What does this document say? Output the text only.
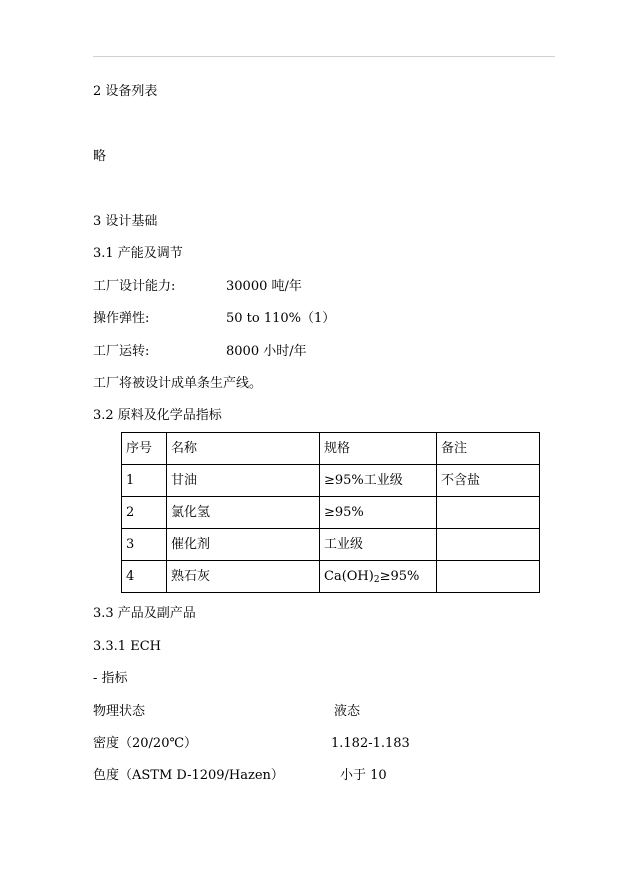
2 设备列表
略
3 设计基础
3.1 产能及调节
工厂设计能力:	30000 吨/年
操作弹性:	50 to 110%（1）
工厂运转:	8000 小时/年
工厂将被设计成单条生产线。
3.2 原料及化学品指标
序号	名称	规格	备注
1	甘油	≥95%工业级	不含盐
2	氯化氢	≥95%	
3	催化剂	工业级	
4	熟石灰	$Ca(OH)_2\ge 95\%$	
3.3 产品及副产品
3.3.1 ECH
- 指标
物理状态	液态
密度（20/20℃）	1.182-1.183
色度（ASTM D-1209/Hazen）	小于 10
